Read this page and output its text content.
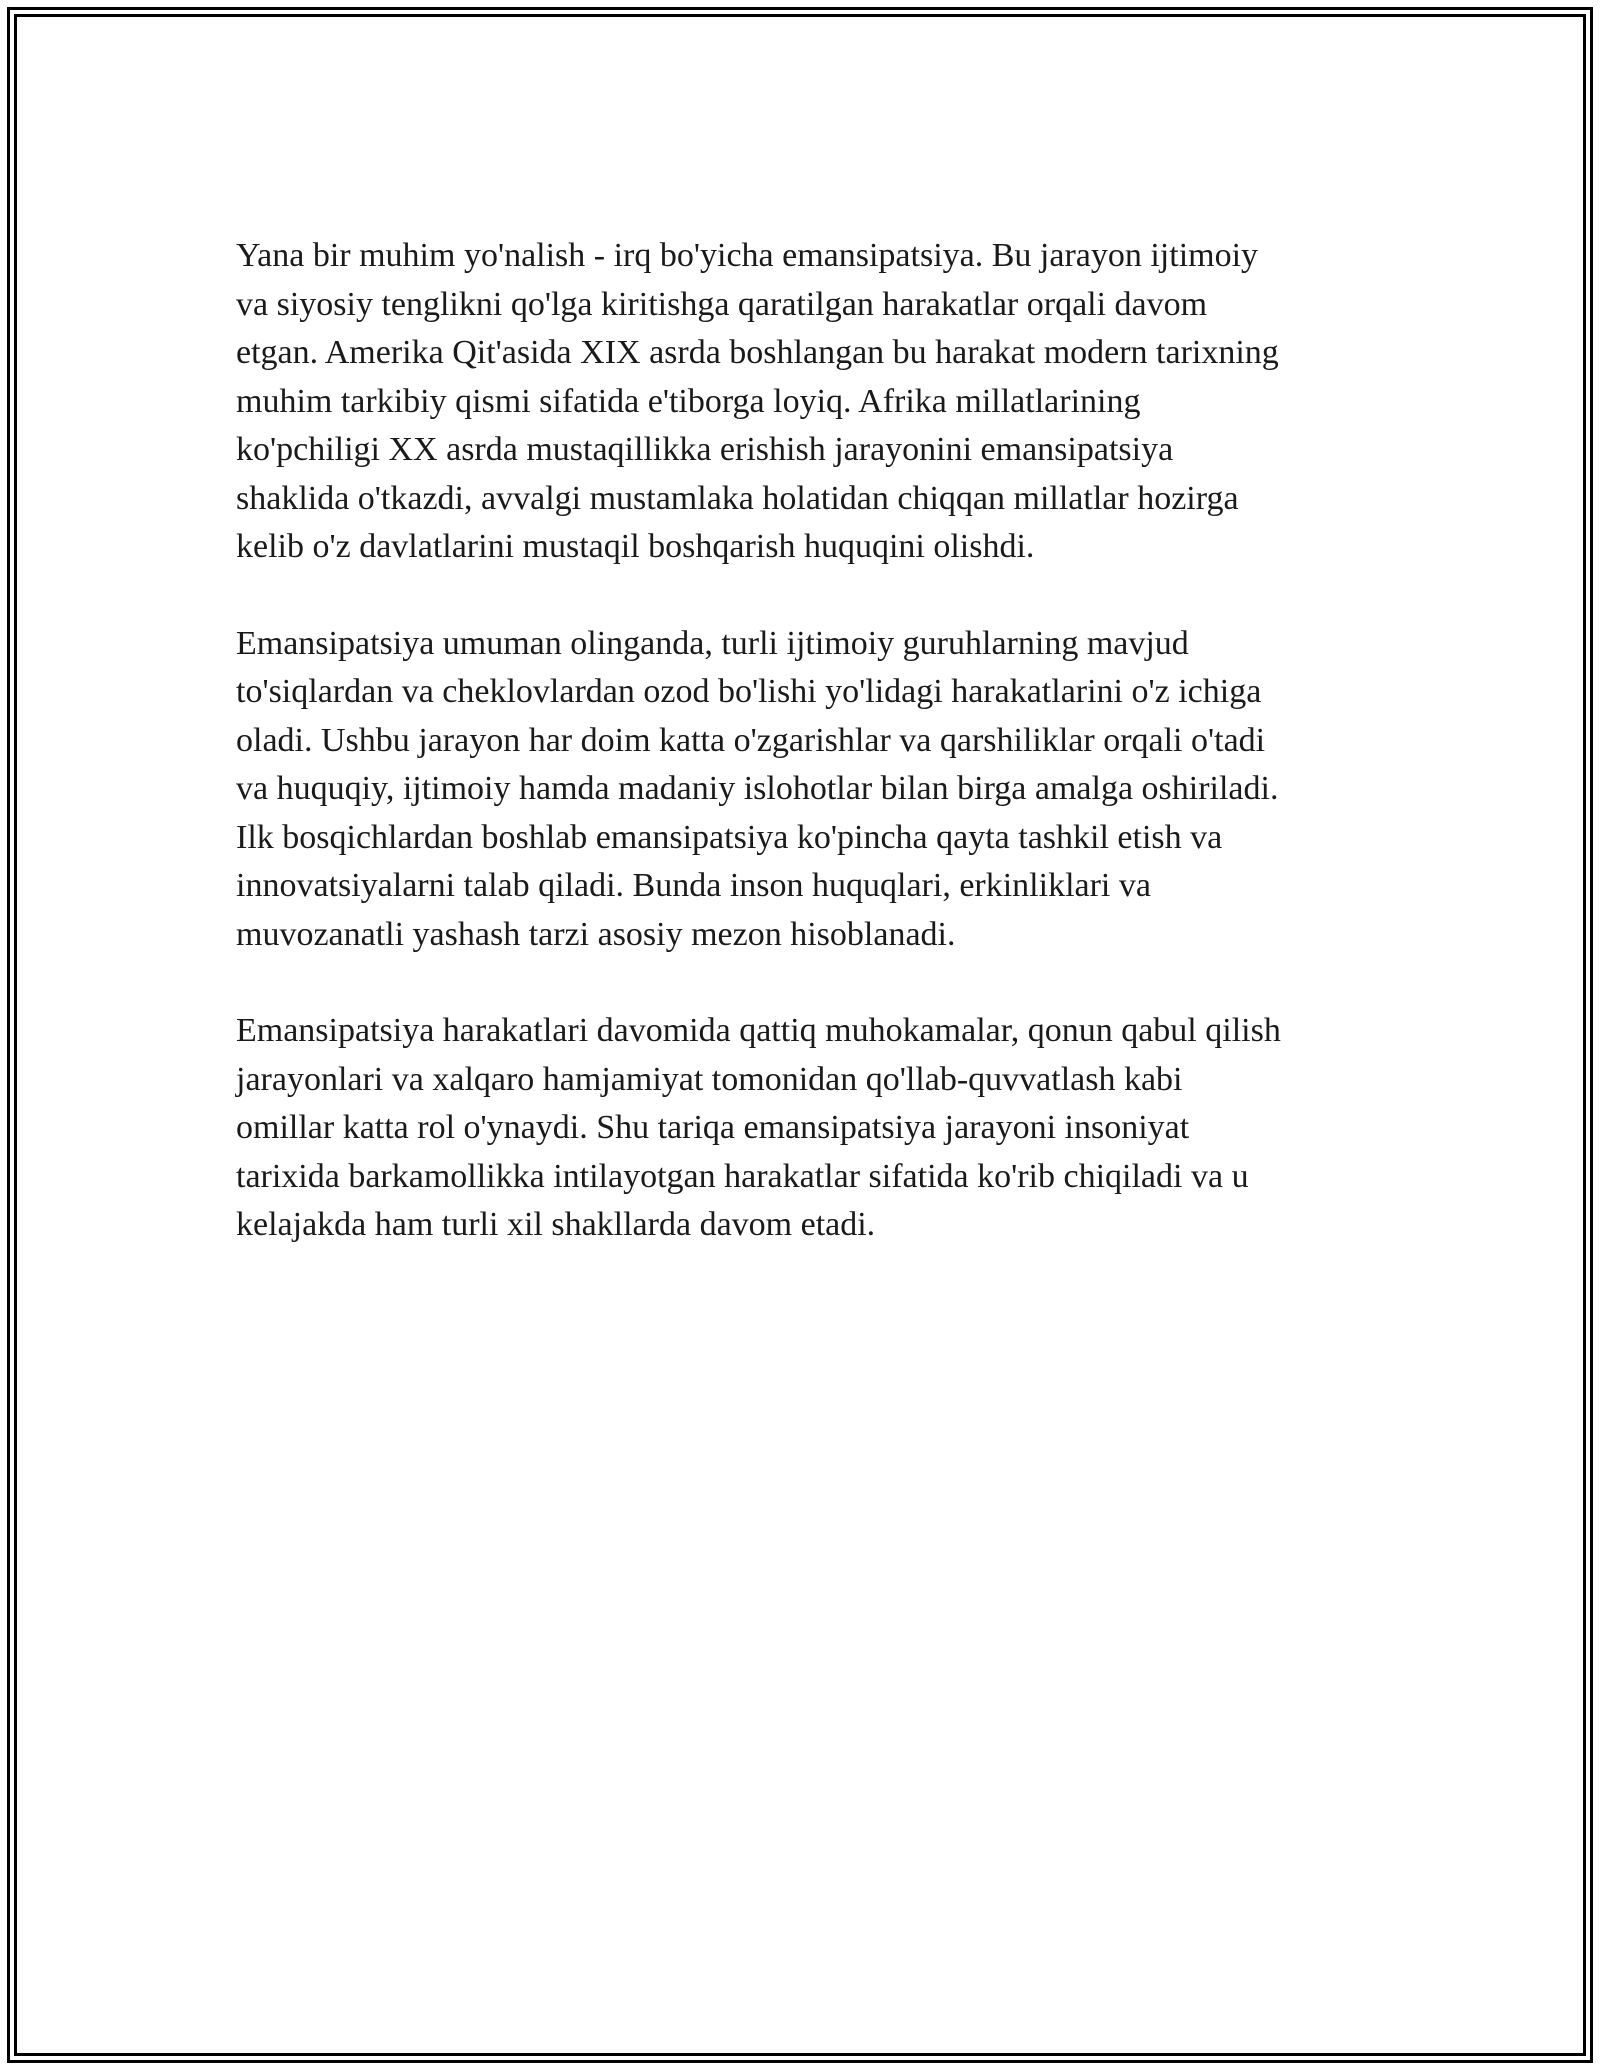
Yana bir muhim yo'nalish - irq bo'yicha emansipatsiya. Bu jarayon ijtimoiy
va siyosiy tenglikni qo'lga kiritishga qaratilgan harakatlar orqali davom
etgan. Amerika Qit'asida XIX asrda boshlangan bu harakat modern tarixning
muhim tarkibiy qismi sifatida e'tiborga loyiq. Afrika millatlarining
ko'pchiligi XX asrda mustaqillikka erishish jarayonini emansipatsiya
shaklida o'tkazdi, avvalgi mustamlaka holatidan chiqqan millatlar hozirga
kelib o'z davlatlarini mustaqil boshqarish huquqini olishdi.

Emansipatsiya umuman olinganda, turli ijtimoiy guruhlarning mavjud
to'siqlardan va cheklovlardan ozod bo'lishi yo'lidagi harakatlarini o'z ichiga
oladi. Ushbu jarayon har doim katta o'zgarishlar va qarshiliklar orqali o'tadi
va huquqiy, ijtimoiy hamda madaniy islohotlar bilan birga amalga oshiriladi.
Ilk bosqichlardan boshlab emansipatsiya ko'pincha qayta tashkil etish va
innovatsiyalarni talab qiladi. Bunda inson huquqlari, erkinliklari va
muvozanatli yashash tarzi asosiy mezon hisoblanadi.

Emansipatsiya harakatlari davomida qattiq muhokamalar, qonun qabul qilish
jarayonlari va xalqaro hamjamiyat tomonidan qo'llab-quvvatlash kabi
omillar katta rol o'ynaydi. Shu tariqa emansipatsiya jarayoni insoniyat
tarixida barkamollikka intilayotgan harakatlar sifatida ko'rib chiqiladi va u
kelajakda ham turli xil shakllarda davom etadi.
